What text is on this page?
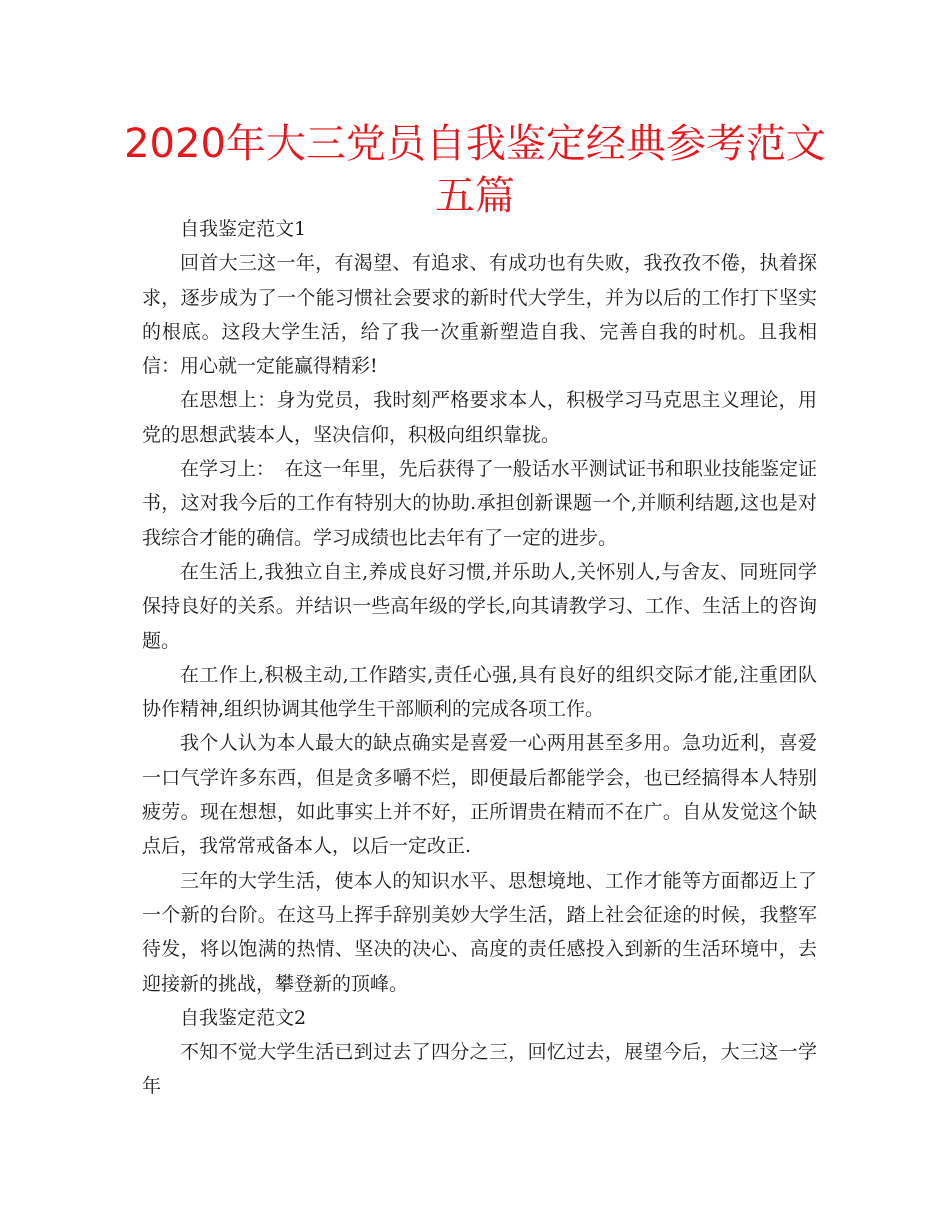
2020年大三党员自我鉴定经典参考范文五篇

自我鉴定范文1

回首大三这一年，有渴望、有追求、有成功也有失败，我孜孜不倦，执着探求，逐步成为了一个能习惯社会要求的新时代大学生，并为以后的工作打下坚实的根底。这段大学生活，给了我一次重新塑造自我、完善自我的时机。且我相信：用心就一定能赢得精彩!

在思想上：身为党员，我时刻严格要求本人，积极学习马克思主义理论，用党的思想武装本人，坚决信仰，积极向组织靠拢。

在学习上：　在这一年里，先后获得了一般话水平测试证书和职业技能鉴定证书，这对我今后的工作有特别大的协助.承担创新课题一个,并顺利结题,这也是对我综合才能的确信。学习成绩也比去年有了一定的进步。

在生活上,我独立自主,养成良好习惯,并乐助人,关怀别人,与舍友、同班同学保持良好的关系。并结识一些高年级的学长,向其请教学习、工作、生活上的咨询题。

在工作上,积极主动,工作踏实,责任心强,具有良好的组织交际才能,注重团队协作精神,组织协调其他学生干部顺利的完成各项工作。

我个人认为本人最大的缺点确实是喜爱一心两用甚至多用。急功近利，喜爱一口气学许多东西，但是贪多嚼不烂，即便最后都能学会，也已经搞得本人特别疲劳。现在想想，如此事实上并不好，正所谓贵在精而不在广。自从发觉这个缺点后，我常常戒备本人，以后一定改正.

三年的大学生活，使本人的知识水平、思想境地、工作才能等方面都迈上了一个新的台阶。在这马上挥手辞别美妙大学生活，踏上社会征途的时候，我整军待发，将以饱满的热情、坚决的决心、高度的责任感投入到新的生活环境中，去迎接新的挑战，攀登新的顶峰。

自我鉴定范文2

不知不觉大学生活已到过去了四分之三，回忆过去，展望今后，大三这一学年
